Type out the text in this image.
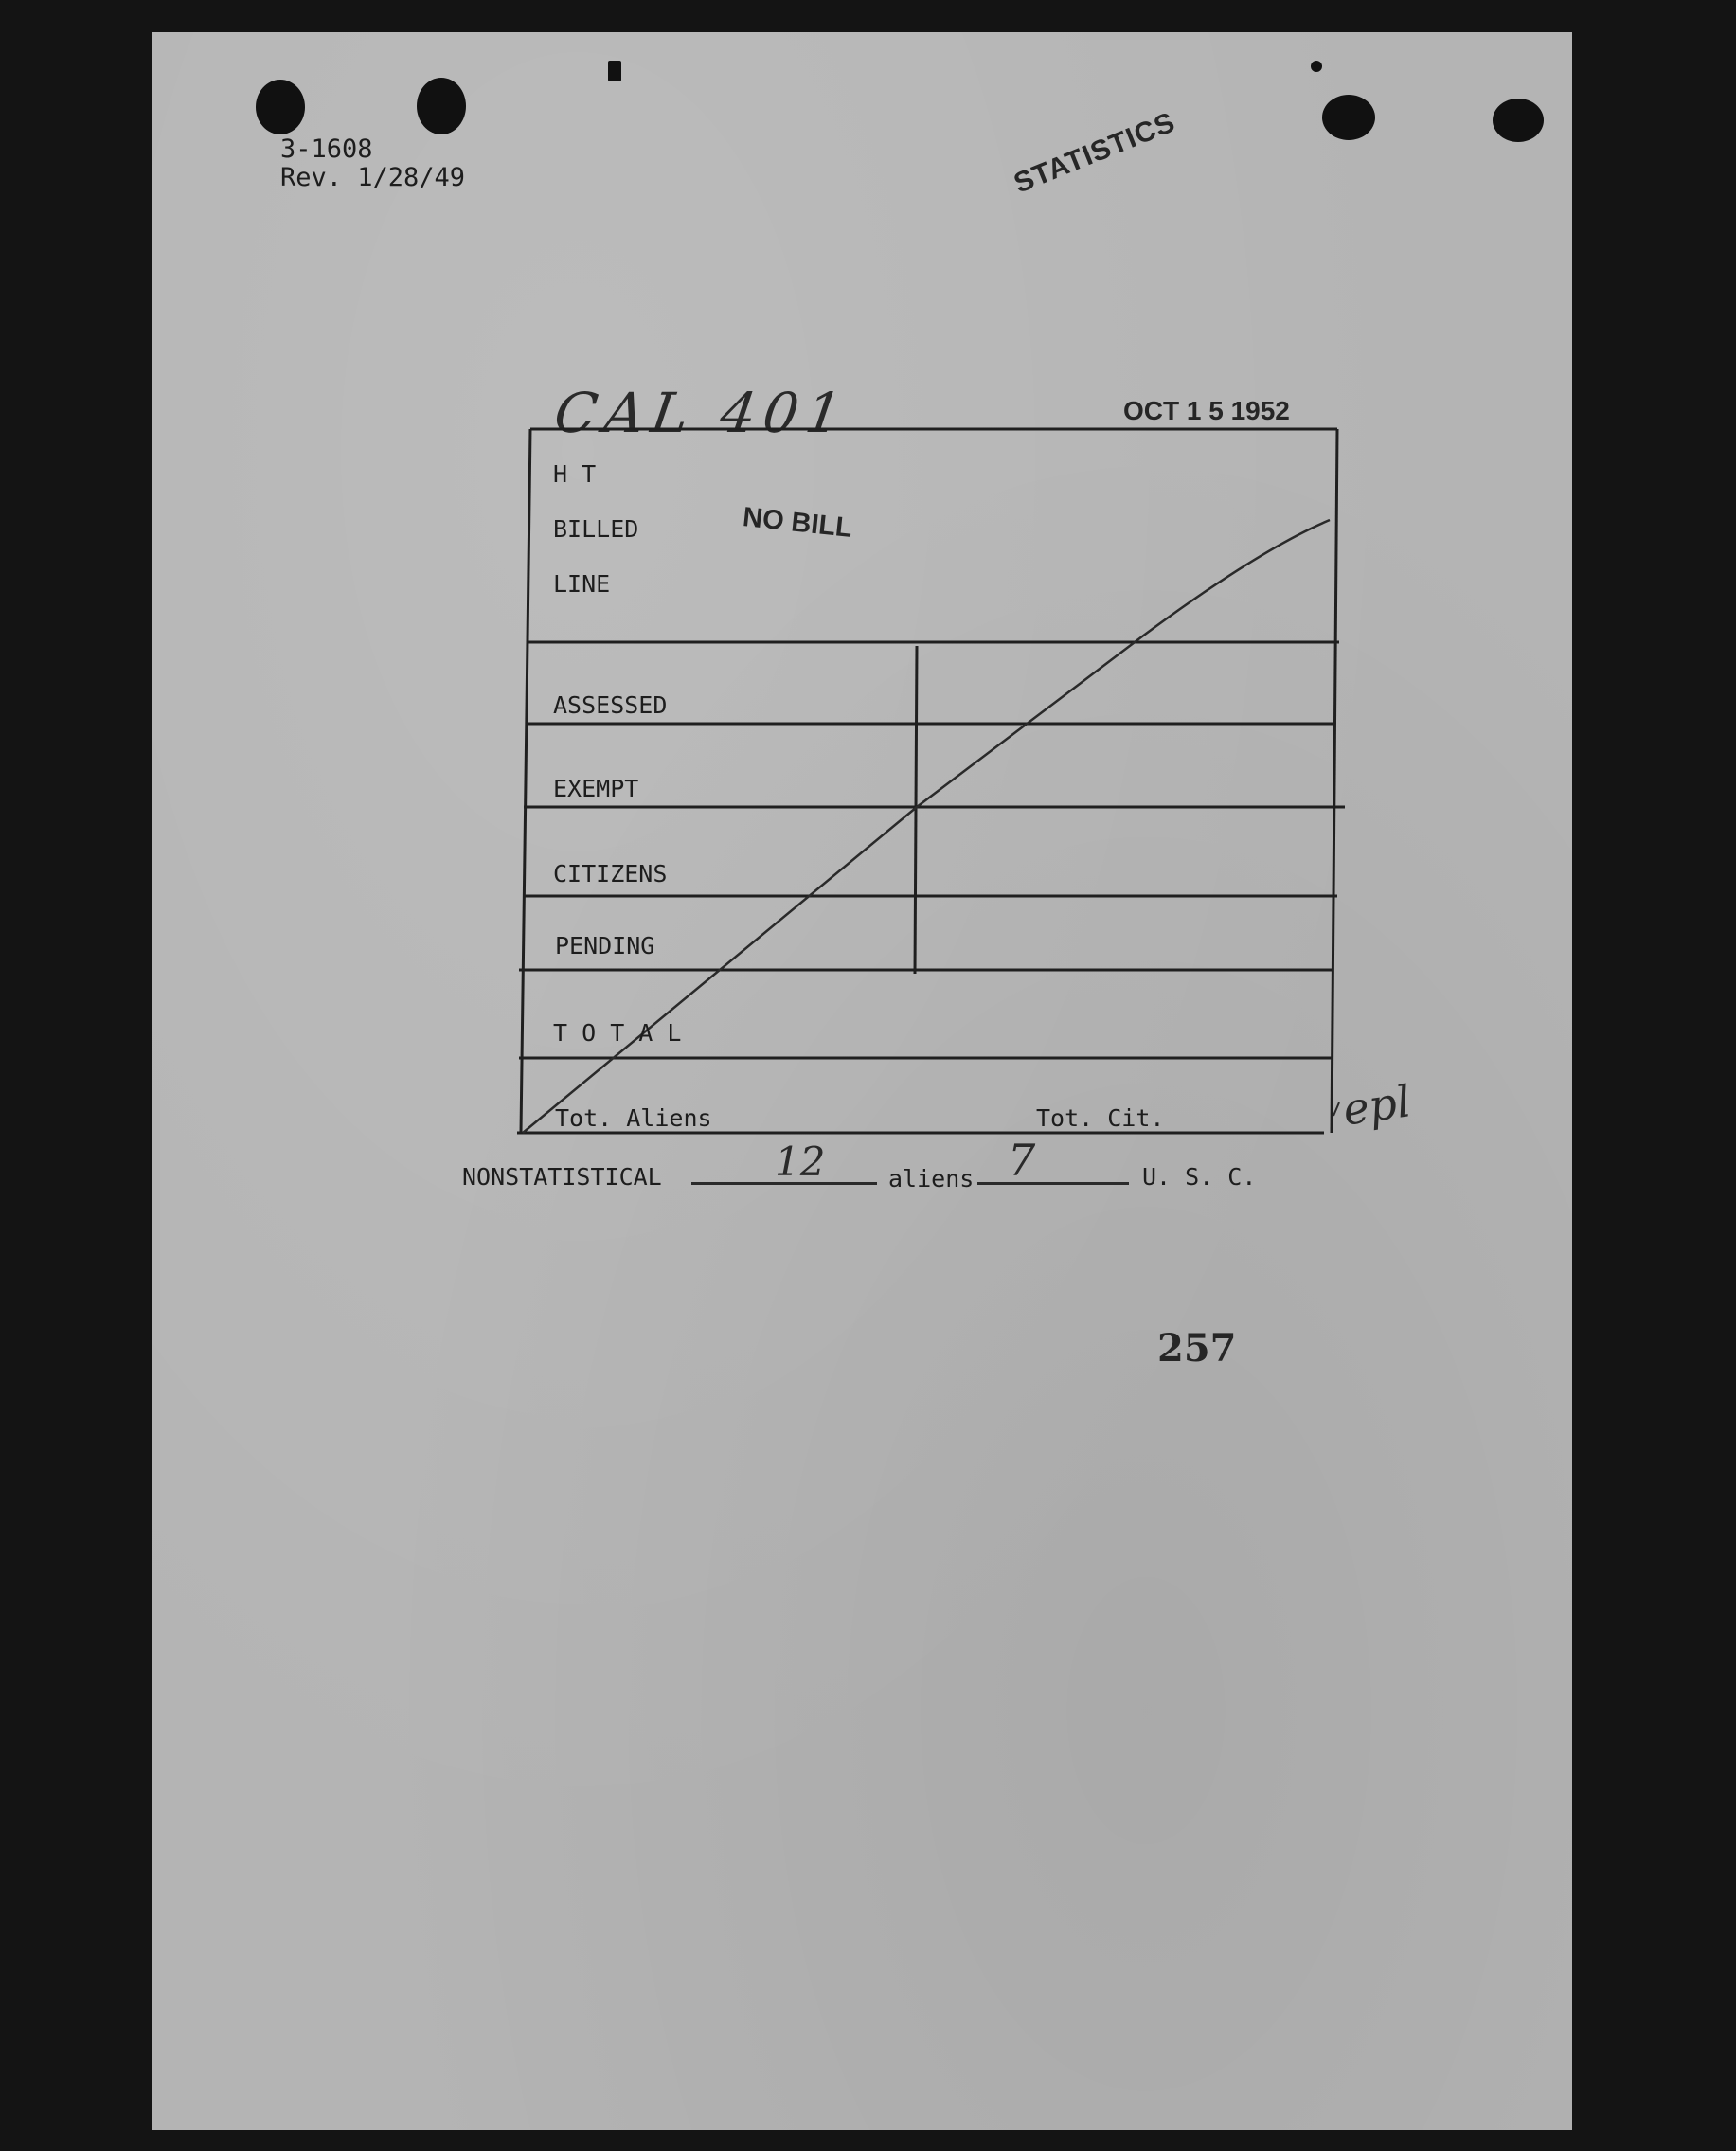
3-1608
Rev. 1/28/49	STATISTICS
CAL 401	OCT 1 5 1952
NO BILL
H T
BILLED
LINE
ASSESSED
EXEMPT
CITIZENS
PENDING
T O T A L
Tot. Aliens	Tot. Cit.	epl
NONSTATISTICAL	12	aliens 7	U. S. C.
257
